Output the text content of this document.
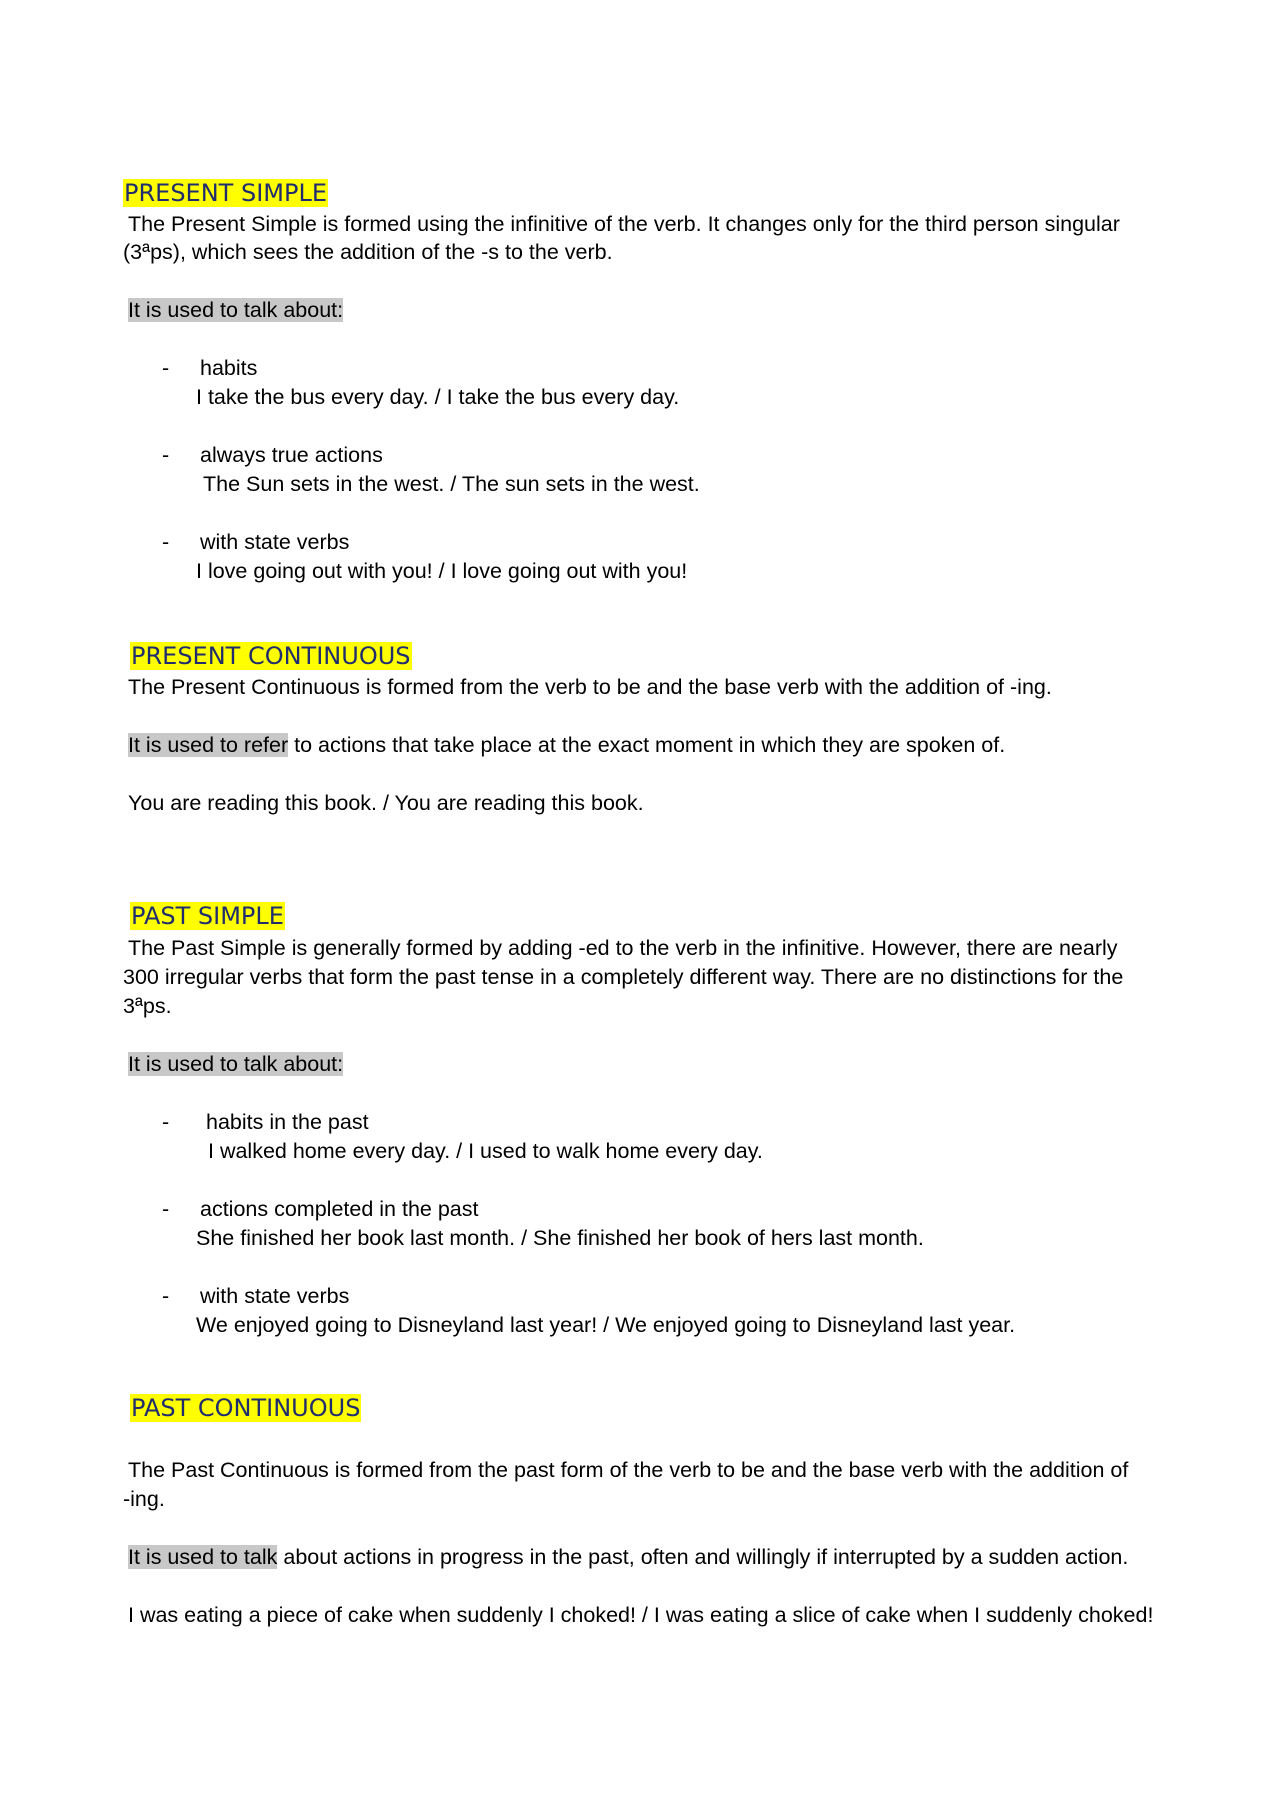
PRESENT SIMPLE
The Present Simple is formed using the infinitive of the verb. It changes only for the third person singular
(3ªps), which sees the addition of the -s to the verb.
It is used to talk about:
- habits
I take the bus every day. / I take the bus every day.
- always true actions
The Sun sets in the west. / The sun sets in the west.
- with state verbs
I love going out with you! / I love going out with you!
PRESENT CONTINUOUS
The Present Continuous is formed from the verb to be and the base verb with the addition of -ing.
It is used to refer to actions that take place at the exact moment in which they are spoken of.
You are reading this book. / You are reading this book.
PAST SIMPLE
The Past Simple is generally formed by adding -ed to the verb in the infinitive. However, there are nearly
300 irregular verbs that form the past tense in a completely different way. There are no distinctions for the
3ªps.
It is used to talk about:
- habits in the past
I walked home every day. / I used to walk home every day.
- actions completed in the past
She finished her book last month. / She finished her book of hers last month.
- with state verbs
We enjoyed going to Disneyland last year! / We enjoyed going to Disneyland last year.
PAST CONTINUOUS
The Past Continuous is formed from the past form of the verb to be and the base verb with the addition of
-ing.
It is used to talk about actions in progress in the past, often and willingly if interrupted by a sudden action.
I was eating a piece of cake when suddenly I choked! / I was eating a slice of cake when I suddenly choked!
